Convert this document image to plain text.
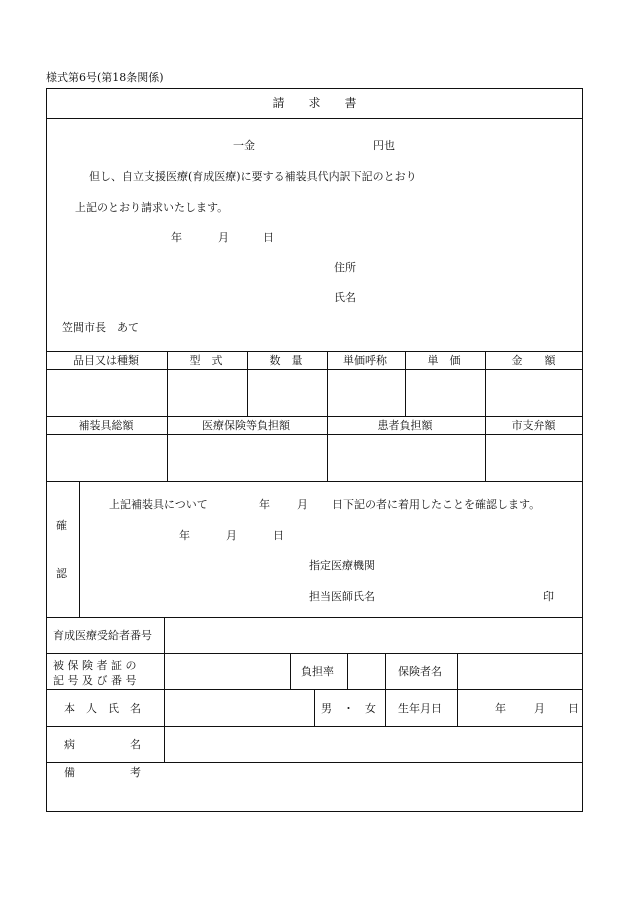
様式第6号(第18条関係)
請　　求　　書
一金	円也
但し、自立支援医療(育成医療)に要する補装具代内訳下記のとおり
上記のとおり請求いたします。
年	月	日
住所
氏名
笠間市長　あて
品目又は種類	型　式	数　量	単価呼称	単　価	金　　額
補装具総額	医療保険等負担額	患者負担額	市支弁額
確
認
上記補装具について	年 月 日下記の者に着用したことを確認します。
年	月	日
指定医療機関
担当医師氏名	印
育成医療受給者番号
被 保 険 者 証 の
記 号 及 び 番 号
負担率	保険者名
本　人　氏　名	男　・　女	生年月日	年	月 日
病　　　　　名
備　　　　　考
